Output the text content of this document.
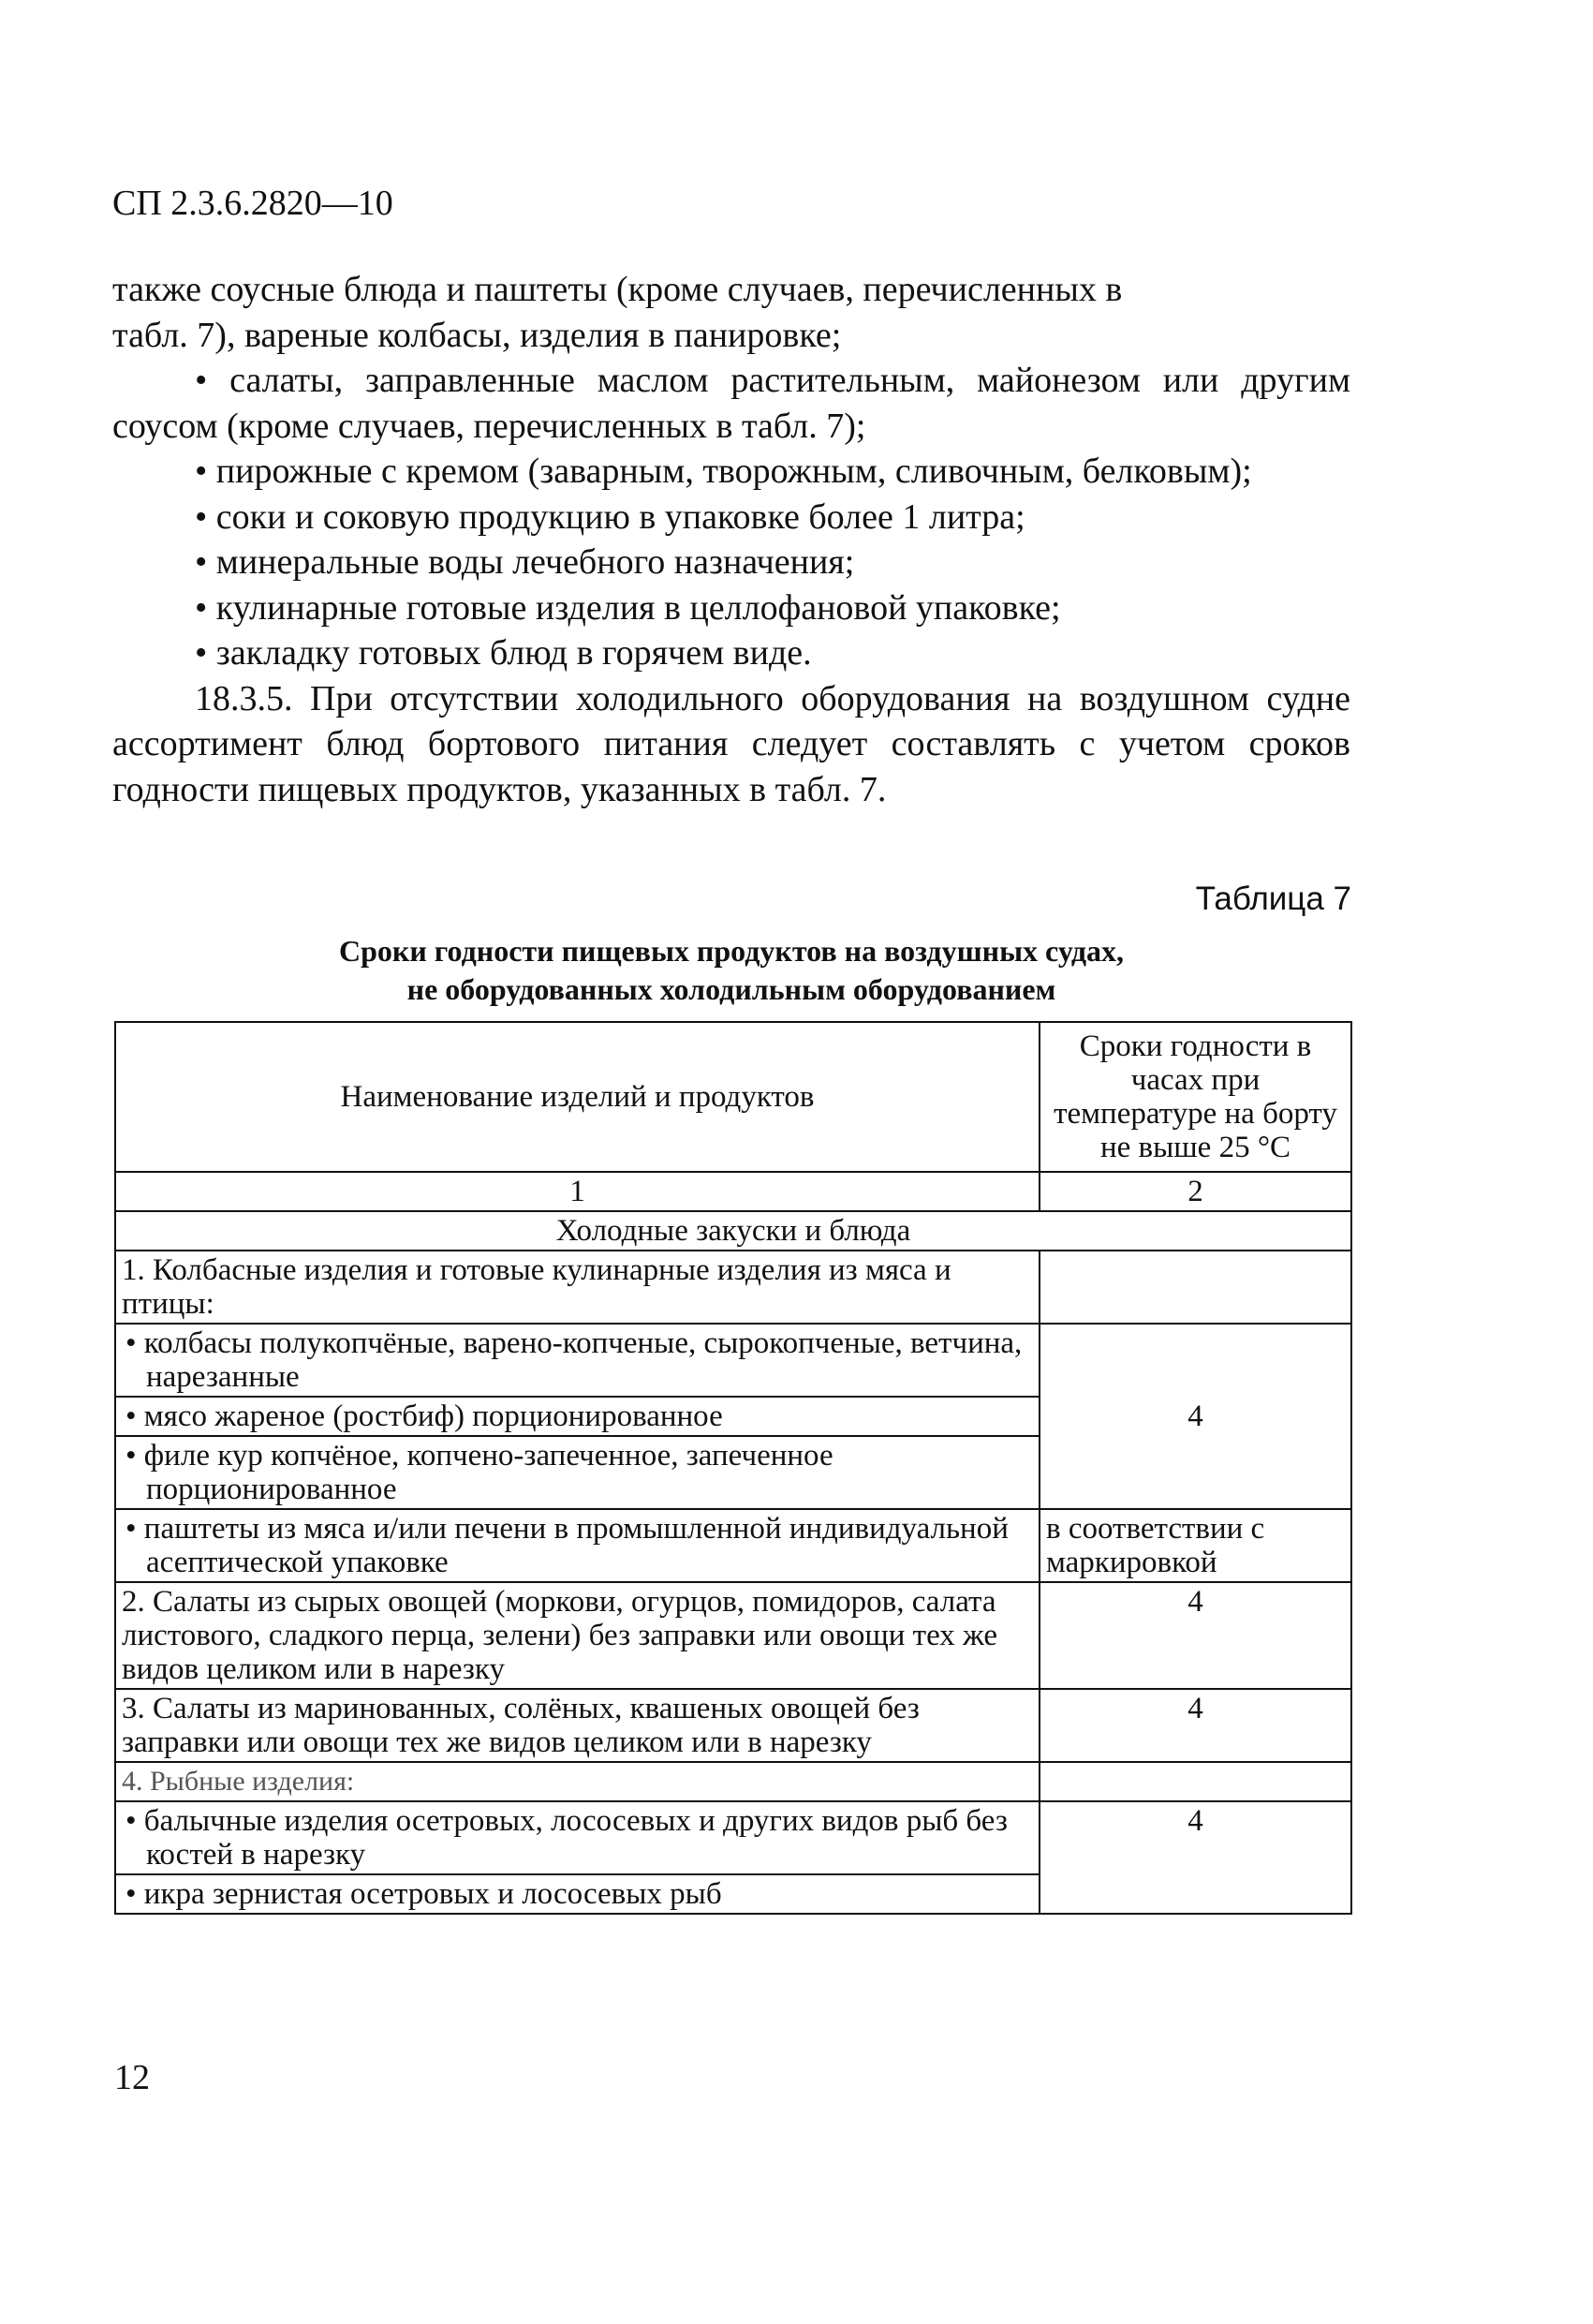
СП 2.3.6.2820—10

также соусные блюда и паштеты (кроме случаев, перечисленных в
табл. 7), вареные колбасы, изделия в панировке;

• салаты, заправленные маслом растительным, майонезом или другим соусом (кроме случаев, перечисленных в табл. 7);

• пирожные с кремом (заварным, творожным, сливочным, белковым);

• соки и соковую продукцию в упаковке более 1 литра;

• минеральные воды лечебного назначения;

• кулинарные готовые изделия в целлофановой упаковке;

• закладку готовых блюд в горячем виде.

18.3.5. При отсутствии холодильного оборудования на воздушном судне ассортимент блюд бортового питания следует составлять с учетом сроков годности пищевых продуктов, указанных в табл. 7.

Таблица 7
Сроки годности пищевых продуктов на воздушных судах,
не оборудованных холодильным оборудованием
Наименование изделий и продуктов	Сроки годности в часах при температуре на борту не выше 25 °С
1	2
Холодные закуски и блюда	
1. Колбасные изделия и готовые кулинарные изделия из мяса и птицы:	
• колбасы полукопчёные, варено-копченые, сырокопченые, ветчина, нарезанные	4
• мясо жареное (ростбиф) порционированное	
• филе кур копчёное, копчено-запеченное, запеченное порционированное	
• паштеты из мяса и/или печени в промышленной индивидуальной асептической упаковке	в соответствии с маркировкой
2. Салаты из сырых овощей (моркови, огурцов, помидоров, салата листового, сладкого перца, зелени) без заправки или овощи тех же видов целиком или в нарезку	4
3. Салаты из маринованных, солёных, квашеных овощей без заправки или овощи тех же видов целиком или в нарезку	4
4. Рыбные изделия:	
• балычные изделия осетровых, лососевых и других видов рыб без костей в нарезку	4
• икра зернистая осетровых и лососевых рыб	
12
